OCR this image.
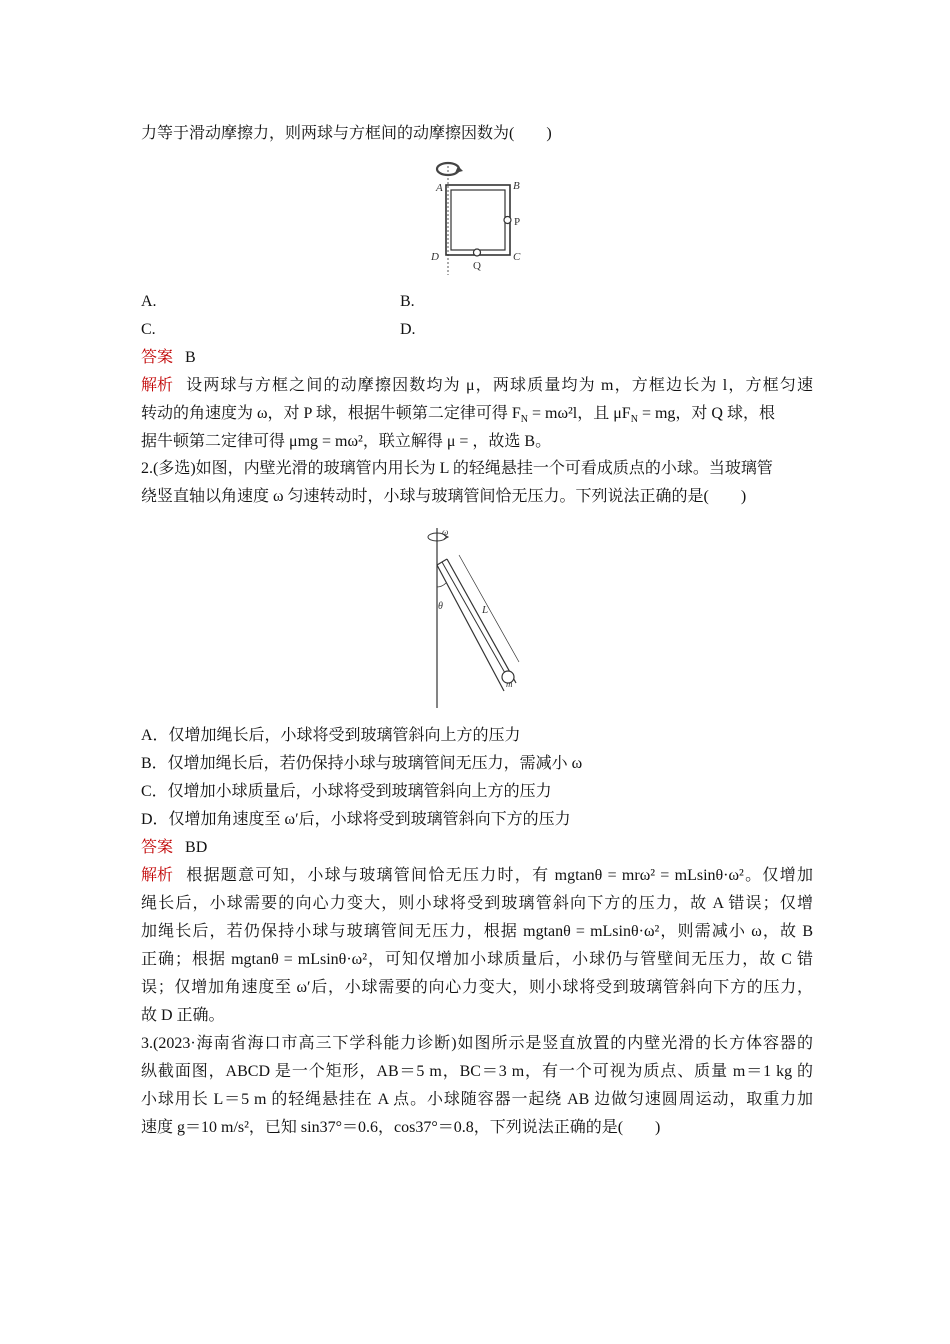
力等于滑动摩擦力，则两球与方框间的动摩擦因数为(　　)
A	B
P
D	C
Q
A.	B.
C.	D.
答案 B
解析 设两球与方框之间的动摩擦因数均为 μ，两球质量均为 m，方框边长为 l，方框匀速
转动的角速度为 ω，对 P 球，根据牛顿第二定律可得 $F_N = m\omega^2l$，且 $\mu F_N$ = mg，对 Q 球，根
据牛顿第二定律可得 μmg = mω²，联立解得 μ = ，故选 B。
2.(多选)如图，内壁光滑的玻璃管内用长为 L 的轻绳悬挂一个可看成质点的小球。当玻璃管
绕竖直轴以角速度 ω 匀速转动时，小球与玻璃管间恰无压力。下列说法正确的是(　　)
ω
θ	L
m
A．仅增加绳长后，小球将受到玻璃管斜向上方的压力
B．仅增加绳长后，若仍保持小球与玻璃管间无压力，需减小 ω
C．仅增加小球质量后，小球将受到玻璃管斜向上方的压力
D．仅增加角速度至 ω′后，小球将受到玻璃管斜向下方的压力
答案 BD
解析 根据题意可知，小球与玻璃管间恰无压力时，有 mgtanθ = mrω² = mLsinθ·ω²。仅增加
绳长后，小球需要的向心力变大，则小球将受到玻璃管斜向下方的压力，故 A 错误；仅增
加绳长后，若仍保持小球与玻璃管间无压力，根据 mgtanθ = mLsinθ·ω²，则需减小 ω，故 B
正确；根据 mgtanθ = mLsinθ·ω²，可知仅增加小球质量后，小球仍与管壁间无压力，故 C 错
误；仅增加角速度至 ω′后，小球需要的向心力变大，则小球将受到玻璃管斜向下方的压力，
故 D 正确。
3.(2023·海南省海口市高三下学科能力诊断)如图所示是竖直放置的内壁光滑的长方体容器的
纵截面图，ABCD 是一个矩形，AB＝5 m，BC＝3 m，有一个可视为质点、质量 m＝1 kg 的
小球用长 L＝5 m 的轻绳悬挂在 A 点。小球随容器一起绕 AB 边做匀速圆周运动，取重力加
速度 g＝10 m/s²，已知 sin37°＝0.6，cos37°＝0.8，下列说法正确的是(　　)
